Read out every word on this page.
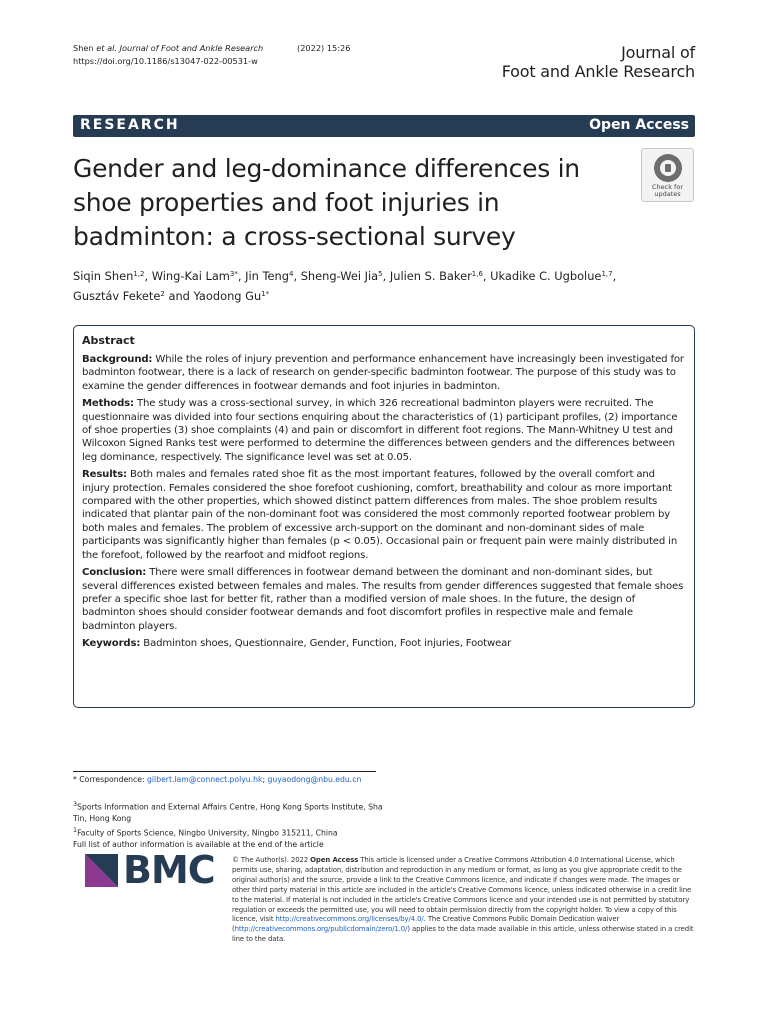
Shen et al. Journal of Foot and Ankle Research	(2022) 15:26
https://doi.org/10.1186/s13047-022-00531-w	Journal of
Foot and Ankle Research
RESEARCH	Open Access
Gender and leg-dominance differences in shoe properties and foot injuries in badminton: a cross-sectional survey
Check for
updates
Siqin Shen$^{1,2}$, Wing-Kai Lam$^{3*}$, Jin Teng$^4$, Sheng-Wei Jia$^5$, Julien S. Baker$^{1,6}$, Ukadike C. Ugbolue$^{1,7}$,
Gusztáv Fekete$^2$ and Yaodong $Gu^{1*}$
Abstract

Background: While the roles of injury prevention and performance enhancement have increasingly been investigated for badminton footwear, there is a lack of research on gender-specific badminton footwear. The purpose of this study was to examine the gender differences in footwear demands and foot injuries in badminton.

Methods: The study was a cross-sectional survey, in which 326 recreational badminton players were recruited. The questionnaire was divided into four sections enquiring about the characteristics of (1) participant profiles, (2) importance of shoe properties (3) shoe complaints (4) and pain or discomfort in different foot regions. The Mann-Whitney U test and Wilcoxon Signed Ranks test were performed to determine the differences between genders and the differences between leg dominance, respectively. The significance level was set at 0.05.

Results: Both males and females rated shoe fit as the most important features, followed by the overall comfort and injury protection. Females considered the shoe forefoot cushioning, comfort, breathability and colour as more important compared with the other properties, which showed distinct pattern differences from males. The shoe problem results indicated that plantar pain of the non-dominant foot was considered the most commonly reported footwear problem by both males and females. The problem of excessive arch-support on the dominant and non-dominant sides of male participants was significantly higher than females (p < 0.05). Occasional pain or frequent pain were mainly distributed in the forefoot, followed by the rearfoot and midfoot regions.

Conclusion: There were small differences in footwear demand between the dominant and non-dominant sides, but several differences existed between females and males. The results from gender differences suggested that female shoes prefer a specific shoe last for better fit, rather than a modified version of male shoes. In the future, the design of badminton shoes should consider footwear demands and foot discomfort profiles in respective male and female badminton players.

Keywords: Badminton shoes, Questionnaire, Gender, Function, Foot injuries, Footwear

* Correspondence: gilbert.lam@connect.polyu.hk; guyaodong@nbu.edu.cn
$^3$Sports Information and External Affairs Centre, Hong Kong Sports Institute, Sha Tin, Hong Kong
$^1$Faculty of Sports Science, Ningbo University, Ningbo 315211, China
Full list of author information is available at the end of the article
BMC	© The Author(s). 2022 Open Access This article is licensed under a Creative Commons Attribution 4.0 International License, which permits use, sharing, adaptation, distribution and reproduction in any medium or format, as long as you give appropriate credit to the original author(s) and the source, provide a link to the Creative Commons licence, and indicate if changes were made. The images or other third party material in this article are included in the article's Creative Commons licence, unless indicated otherwise in a credit line to the material. If material is not included in the article's Creative Commons licence and your intended use is not permitted by statutory regulation or exceeds the permitted use, you will need to obtain permission directly from the copyright holder. To view a copy of this licence, visit http://creativecommons.org/licenses/by/4.0/. The Creative Commons Public Domain Dedication waiver (http://creativecommons.org/publicdomain/zero/1.0/) applies to the data made available in this article, unless otherwise stated in a credit line to the data.
